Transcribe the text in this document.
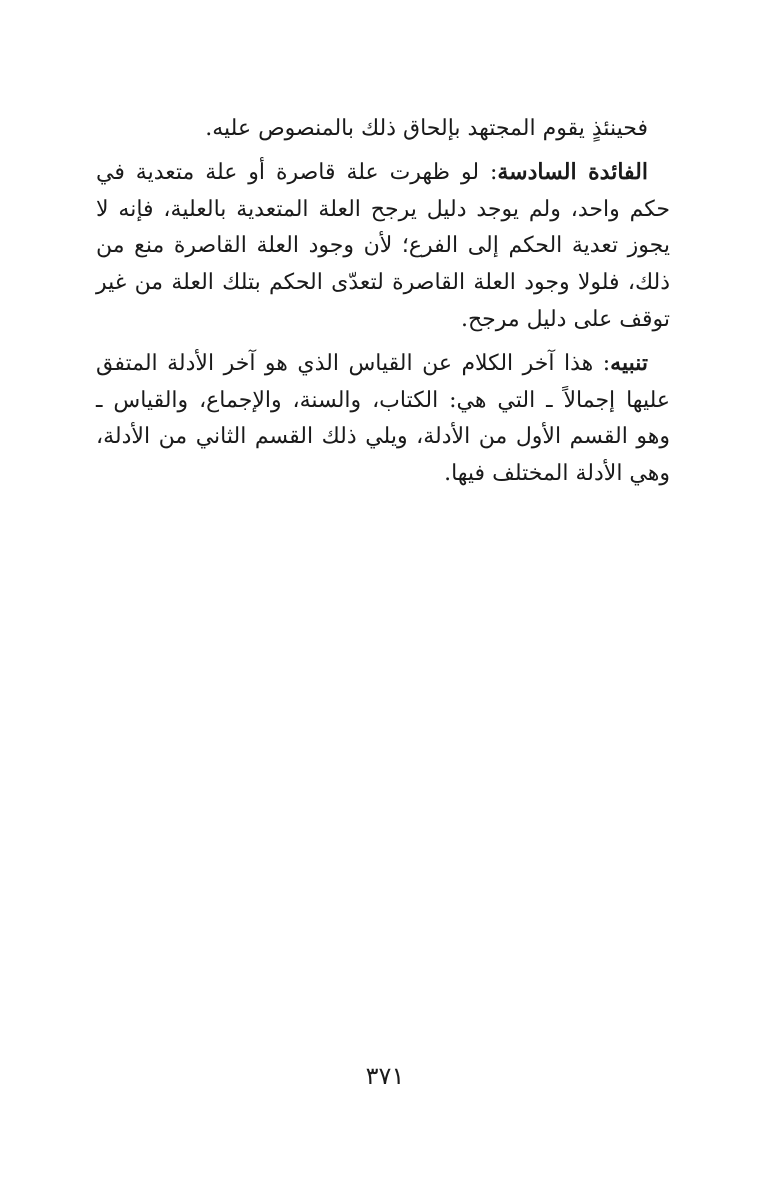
فحينئذٍ يقوم المجتهد بإلحاق ذلك بالمنصوص عليه.

الفائدة السادسة: لو ظهرت علة قاصرة أو علة متعدية في حكم واحد، ولم يوجد دليل يرجح العلة المتعدية بالعلية، فإنه لا يجوز تعدية الحكم إلى الفرع؛ لأن وجود العلة القاصرة منع من ذلك، فلولا وجود العلة القاصرة لتعدّى الحكم بتلك العلة من غير توقف على دليل مرجح.

تنبيه: هذا آخر الكلام عن القياس الذي هو آخر الأدلة المتفق عليها إجمالاً ـ التي هي: الكتاب، والسنة، والإجماع، والقياس ـ وهو القسم الأول من الأدلة، ويلي ذلك القسم الثاني من الأدلة، وهي الأدلة المختلف فيها.

٣٧١
